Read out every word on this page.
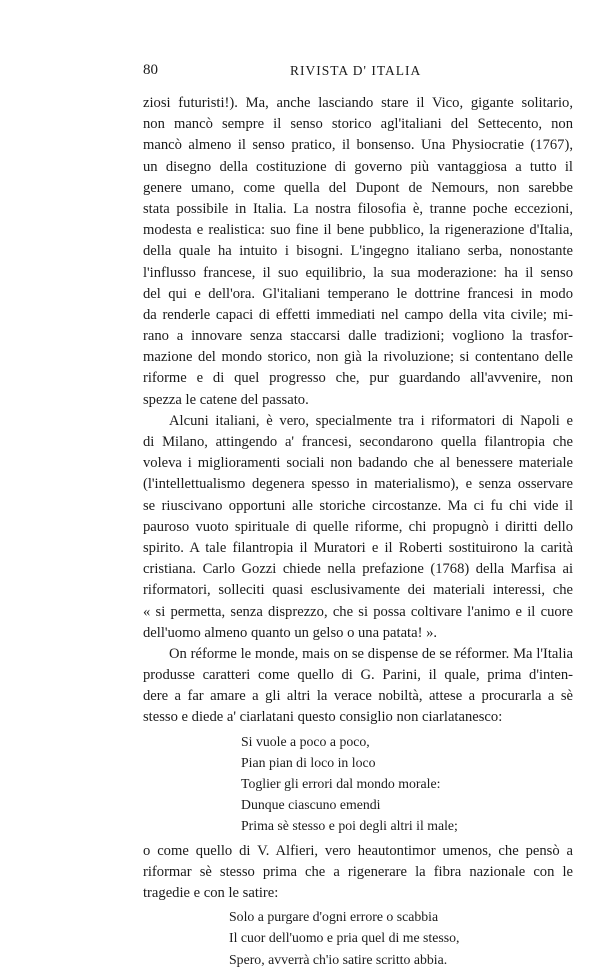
80	RIVISTA D' ITALIA
ziosi futuristi!). Ma, anche lasciando stare il Vico, gigante solitario,
non mancò sempre il senso storico agl'italiani del Settecento, non
mancò almeno il senso pratico, il bonsenso. Una Physiocratie (1767),
un disegno della costituzione di governo più vantaggiosa a tutto il
genere umano, come quella del Dupont de Nemours, non sarebbe
stata possibile in Italia. La nostra filosofia è, tranne poche eccezioni,
modesta e realistica: suo fine il bene pubblico, la rigenerazione d'Italia,
della quale ha intuito i bisogni. L'ingegno italiano serba, nonostante
l'influsso francese, il suo equilibrio, la sua moderazione: ha il senso
del qui e dell'ora. Gl'italiani temperano le dottrine francesi in modo
da renderle capaci di effetti immediati nel campo della vita civile; mi-
rano a innovare senza staccarsi dalle tradizioni; vogliono la trasfor-
mazione del mondo storico, non già la rivoluzione; si contentano delle
riforme e di quel progresso che, pur guardando all'avvenire, non
spezza le catene del passato.
Alcuni italiani, è vero, specialmente tra i riformatori di Napoli e
di Milano, attingendo a' francesi, secondarono quella filantropia che
voleva i miglioramenti sociali non badando che al benessere materiale
(l'intellettualismo degenera spesso in materialismo), e senza osservare
se riuscivano opportuni alle storiche circostanze. Ma ci fu chi vide il
pauroso vuoto spirituale di quelle riforme, chi propugnò i diritti dello
spirito. A tale filantropia il Muratori e il Roberti sostituirono la carità
cristiana. Carlo Gozzi chiede nella prefazione (1768) della Marfisa ai
riformatori, solleciti quasi esclusivamente dei materiali interessi, che
« si permetta, senza disprezzo, che si possa coltivare l'animo e il cuore
dell'uomo almeno quanto un gelso o una patata! ».
On réforme le monde, mais on se dispense de se réformer. Ma l'Italia
produsse caratteri come quello di G. Parini, il quale, prima d'inten-
dere a far amare a gli altri la verace nobiltà, attese a procurarla a sè
stesso e diede a' ciarlatani questo consiglio non ciarlatanesco:
Si vuole a poco a poco,
Pian pian di loco in loco
Toglier gli errori dal mondo morale:
Dunque ciascuno emendi
Prima sè stesso e poi degli altri il male;
o come quello di V. Alfieri, vero heautontimor umenos, che pensò a
riformar sè stesso prima che a rigenerare la fibra nazionale con le
tragedie e con le satire:
Solo a purgare d'ogni errore o scabbia
Il cuor dell'uomo e pria quel di me stesso,
Spero, avverrà ch'io satire scritto abbia.
